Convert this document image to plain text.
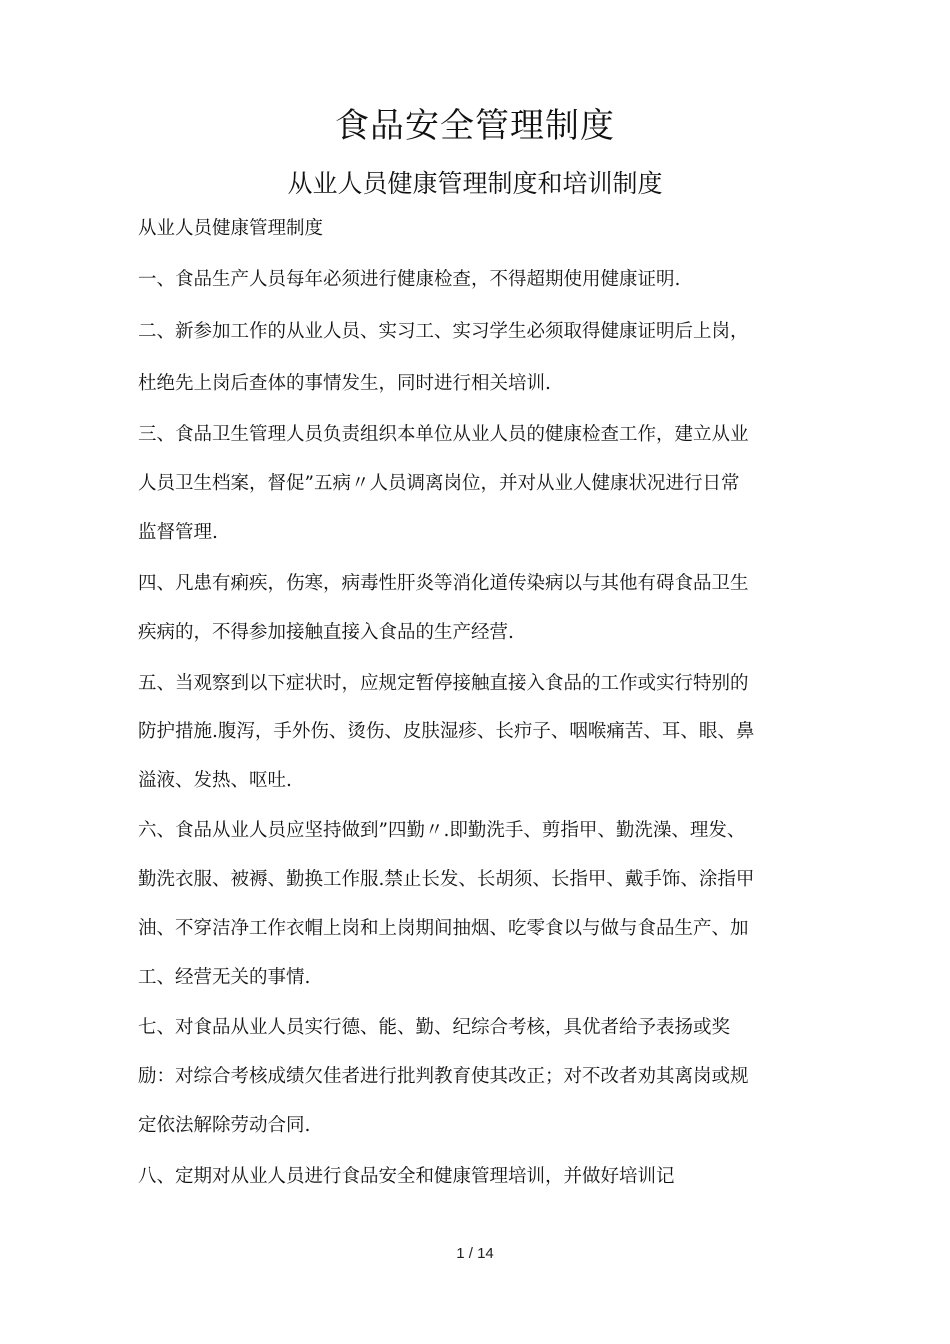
食品安全管理制度
从业人员健康管理制度和培训制度

从业人员健康管理制度

一、食品生产人员每年必须进行健康检查，不得超期使用健康证明.

二、新参加工作的从业人员、实习工、实习学生必须取得健康证明后上岗，

杜绝先上岗后查体的事情发生，同时进行相关培训.

三、食品卫生管理人员负责组织本单位从业人员的健康检查工作，建立从业

人员卫生档案，督促”五病〃人员调离岗位，并对从业人健康状况进行日常

监督管理.

四、凡患有痢疾，伤寒，病毒性肝炎等消化道传染病以与其他有碍食品卫生

疾病的，不得参加接触直接入食品的生产经营.

五、当观察到以下症状时，应规定暂停接触直接入食品的工作或实行特别的

防护措施.腹泻，手外伤、烫伤、皮肤湿疹、长疖子、咽喉痛苦、耳、眼、鼻

溢液、发热、呕吐.

六、食品从业人员应坚持做到”四勤〃.即勤洗手、剪指甲、勤洗澡、理发、

勤洗衣服、被褥、勤换工作服.禁止长发、长胡须、长指甲、戴手饰、涂指甲

油、不穿洁净工作衣帽上岗和上岗期间抽烟、吃零食以与做与食品生产、加

工、经营无关的事情.

七、对食品从业人员实行德、能、勤、纪综合考核，具优者给予表扬或奖

励：对综合考核成绩欠佳者进行批判教育使其改正；对不改者劝其离岗或规

定依法解除劳动合同.

八、定期对从业人员进行食品安全和健康管理培训，并做好培训记

1 / 14
